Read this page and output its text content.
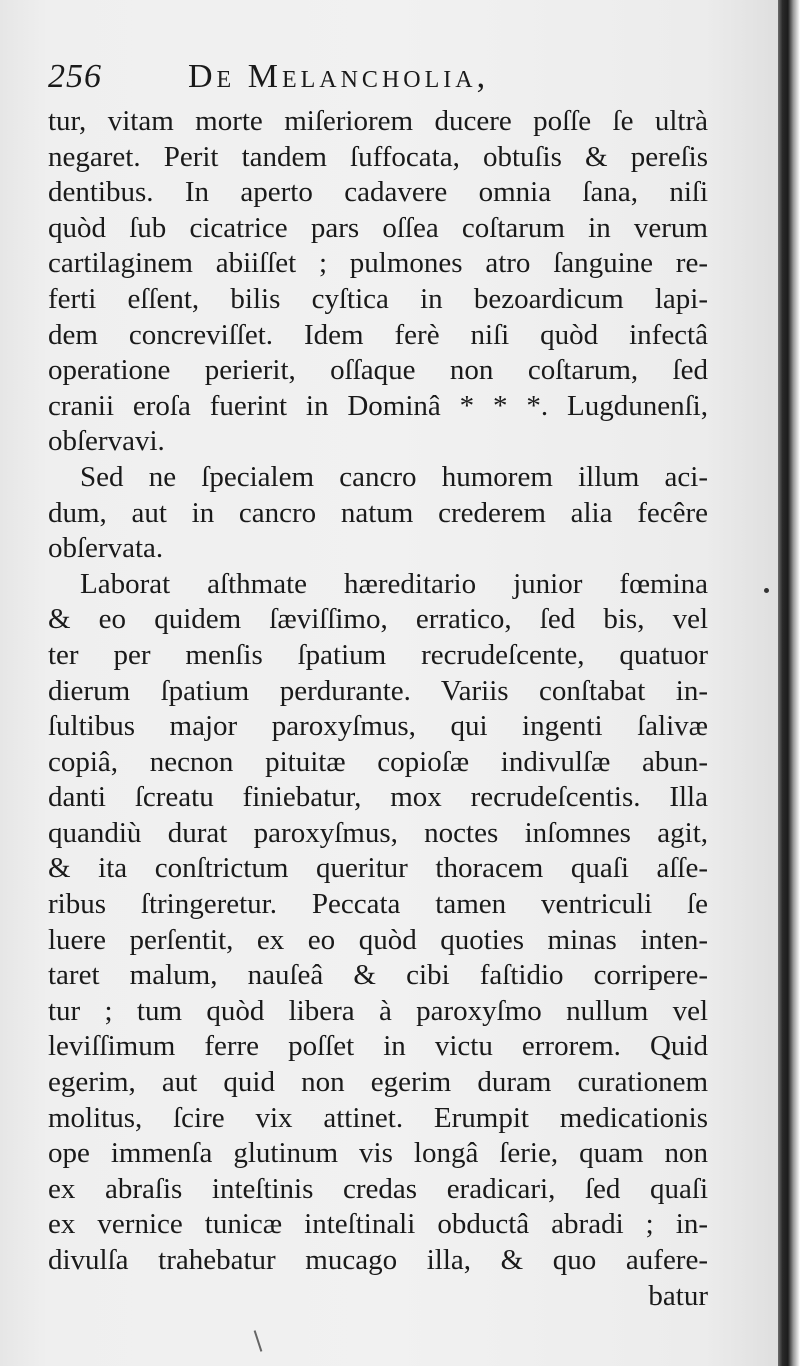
256	De Melancholia,
tur, vitam morte miſeriorem ducere poſſe ſe ultrà
negaret. Perit tandem ſuffocata, obtuſis & pereſis
dentibus. In aperto cadavere omnia ſana, niſi
quòd ſub cicatrice pars oſſea coſtarum in verum
cartilaginem abiiſſet ; pulmones atro ſanguine re-
ferti eſſent, bilis cyſtica in bezoardicum lapi-
dem concreviſſet. Idem ferè niſi quòd infectâ
operatione perierit, oſſaque non coſtarum, ſed
cranii eroſa fuerint in Dominâ * * *. Lugdunenſi,
obſervavi.
Sed ne ſpecialem cancro humorem illum aci-
dum, aut in cancro natum crederem alia fecêre
obſervata.
Laborat aſthmate hæreditario junior fœmina
& eo quidem ſæviſſimo, erratico, ſed bis, vel
ter per menſis ſpatium recrudeſcente, quatuor
dierum ſpatium perdurante. Variis conſtabat in-
ſultibus major paroxyſmus, qui ingenti ſalivæ
copiâ, necnon pituitæ copioſæ indivulſæ abun-
danti ſcreatu finiebatur, mox recrudeſcentis. Illa
quandiù durat paroxyſmus, noctes inſomnes agit,
& ita conſtrictum queritur thoracem quaſi aſſe-
ribus ſtringeretur. Peccata tamen ventriculi ſe
luere perſentit, ex eo quòd quoties minas inten-
taret malum, nauſeâ & cibi faſtidio corripere-
tur ; tum quòd libera à paroxyſmo nullum vel
leviſſimum ferre poſſet in victu errorem. Quid
egerim, aut quid non egerim duram curationem
molitus, ſcire vix attinet. Erumpit medicationis
ope immenſa glutinum vis longâ ſerie, quam non
ex abraſis inteſtinis credas eradicari, ſed quaſi
ex vernice tunicæ inteſtinali obductâ abradi ; in-
divulſa trahebatur mucago illa, & quo aufere-
batur
